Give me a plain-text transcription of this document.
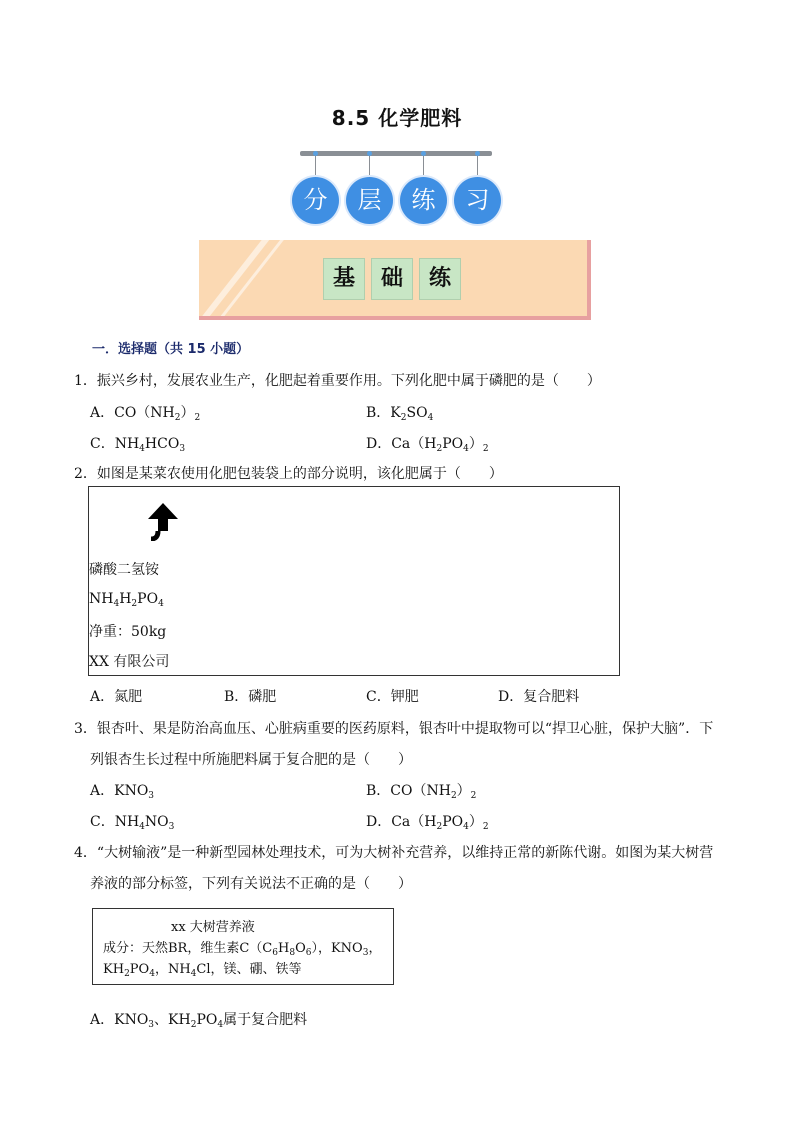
8.5 化学肥料
分	层	练	习
基	础	练
一．选择题（共 15 小题）
1．振兴乡村，发展农业生产，化肥起着重要作用。下列化肥中属于磷肥的是（　　）
A．$CO(NH_2)_2$	B．$K_2SO_4$
C．$NH_4HCO_3$	D．$Ca(H_2PO_4)_2$
2．如图是某菜农使用化肥包装袋上的部分说明，该化肥属于（　　）
磷酸二氢铵
$NH_4H_2PO_4$
净重：50kg
XX 有限公司
A．氮肥	B．磷肥	C．钾肥	D．复合肥料
3．银杏叶、果是防治高血压、心脏病重要的医药原料，银杏叶中提取物可以“捍卫心脏，保护大脑”．下
列银杏生长过程中所施肥料属于复合肥的是（　　）
A．$KNO_3$	B．$CO(NH_2)_2$
C．$NH_4NO_3$	D．$Ca(H_2PO_4)_2$
4．“大树输液”是一种新型园林处理技术，可为大树补充营养，以维持正常的新陈代谢。如图为某大树营
养液的部分标签，下列有关说法不正确的是（　　）
xx 大树营养液
成分：天然BR，维生素$C(C_6H_8O_6)$，$KNO_3$，
$KH_2PO_4$，$NH_4Cl$，镁、硼、铁等
A．$KNO_3$、$KH_2PO_4$属于复合肥料
